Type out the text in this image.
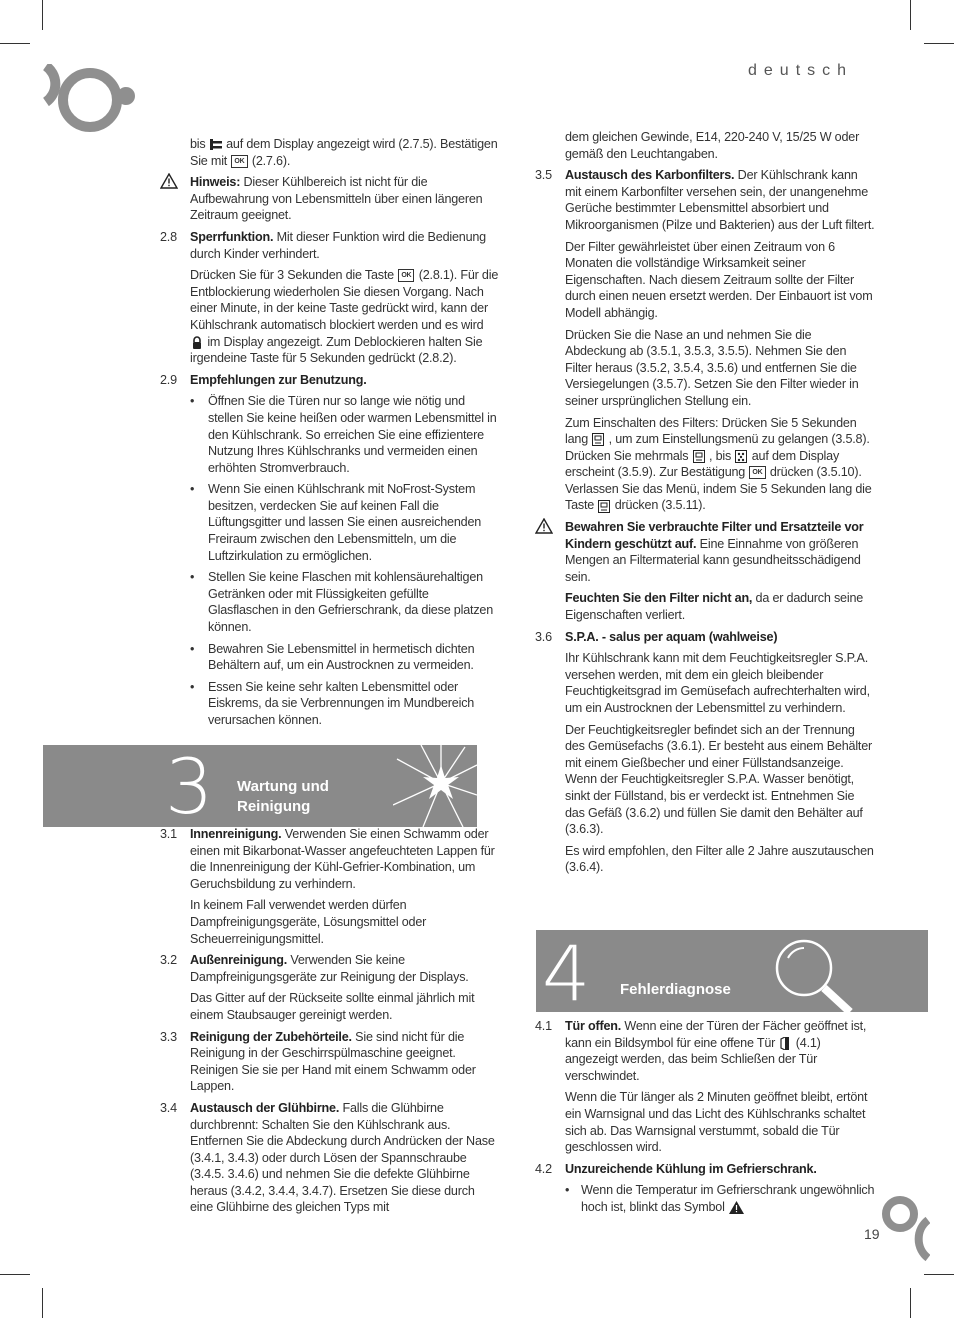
deutsch
bis auf dem Display angezeigt wird (2.7.5). Bestätigen Sie mit OK (2.7.6).
Hinweis: Dieser Kühlbereich ist nicht für die Aufbewahrung von Lebensmitteln über einen längeren Zeitraum geeignet.
2.8 Sperrfunktion. Mit dieser Funktion wird die Bedienung durch Kinder verhindert.
Drücken Sie für 3 Sekunden die Taste OK (2.8.1). Für die Entblockierung wiederholen Sie diesen Vorgang. Nach einer Minute, in der keine Taste gedrückt wird, kann der Kühlschrank automatisch blockiert werden und es wird  im Display angezeigt. Zum Deblockieren halten Sie irgendeine Taste für 5 Sekunden gedrückt (2.8.2).
2.9 Empfehlungen zur Benutzung.
• Öffnen Sie die Türen nur so lange wie nötig und stellen Sie keine heißen oder warmen Lebensmittel in den Kühlschrank. So erreichen Sie eine effizientere Nutzung Ihres Kühlschranks und vermeiden einen erhöhten Stromverbrauch.
• Wenn Sie einen Kühlschrank mit NoFrost-System besitzen, verdecken Sie auf keinen Fall die Lüftungsgitter und lassen Sie einen ausreichenden Freiraum zwischen den Lebensmitteln, um die Luftzirkulation zu ermöglichen.
• Stellen Sie keine Flaschen mit kohlensäurehaltigen Getränken oder mit Flüssigkeiten gefüllte Glasflaschen in den Gefrierschrank, da diese platzen können.
• Bewahren Sie Lebensmittel in hermetisch dichten Behältern auf, um ein Austrocknen zu vermeiden.
• Essen Sie keine sehr kalten Lebensmittel oder Eiskrems, da sie Verbrennungen im Mundbereich verursachen können.
3 Wartung und
Reinigung
3.1 Innenreinigung. Verwenden Sie einen Schwamm oder einen mit Bikarbonat-Wasser angefeuchteten Lappen für die Innenreinigung der Kühl-Gefrier-Kombination, um Geruchsbildung zu verhindern.
In keinem Fall verwendet werden dürfen Dampfreinigungsgeräte, Lösungsmittel oder Scheuerreinigungsmittel.
3.2 Außenreinigung. Verwenden Sie keine Dampfreinigungsgeräte zur Reinigung der Displays.
Das Gitter auf der Rückseite sollte einmal jährlich mit einem Staubsauger gereinigt werden.
3.3 Reinigung der Zubehörteile. Sie sind nicht für die Reinigung in der Geschirrspülmaschine geeignet. Reinigen Sie sie per Hand mit einem Schwamm oder Lappen.
3.4 Austausch der Glühbirne. Falls die Glühbirne durchbrennt: Schalten Sie den Kühlschrank aus. Entfernen Sie die Abdeckung durch Andrücken der Nase (3.4.1, 3.4.3) oder durch Lösen der Spannschraube (3.4.5. 3.4.6) und nehmen Sie die defekte Glühbirne heraus (3.4.2, 3.4.4, 3.4.7). Ersetzen Sie diese durch eine Glühbirne des gleichen Typs mit
dem gleichen Gewinde, E14, 220-240 V, 15/25 W oder gemäß den Leuchtangaben.
3.5 Austausch des Karbonfilters. Der Kühlschrank kann mit einem Karbonfilter versehen sein, der unangenehme Gerüche bestimmter Lebensmittel absorbiert und Mikroorganismen (Pilze und Bakterien) aus der Luft filtert.
Der Filter gewährleistet über einen Zeitraum von 6 Monaten die vollständige Wirksamkeit seiner Eigenschaften. Nach diesem Zeitraum sollte der Filter durch einen neuen ersetzt werden. Der Einbauort ist vom Modell abhängig.
Drücken Sie die Nase an und nehmen Sie die Abdeckung ab (3.5.1, 3.5.3, 3.5.5). Nehmen Sie den Filter heraus (3.5.2, 3.5.4, 3.5.6) und entfernen Sie die Versiegelungen (3.5.7). Setzen Sie den Filter wieder in seiner ursprünglichen Stellung ein.
Zum Einschalten des Filters: Drücken Sie 5 Sekunden lang , um zum Einstellungsmenü zu gelangen (3.5.8). Drücken Sie mehrmals , bis auf dem Display erscheint (3.5.9). Zur Bestätigung OK drücken (3.5.10). Verlassen Sie das Menü, indem Sie 5 Sekunden lang die Taste drücken (3.5.11).
Bewahren Sie verbrauchte Filter und Ersatzteile vor Kindern geschützt auf. Eine Einnahme von größeren Mengen an Filtermaterial kann gesundheitsschädigend sein.
Feuchten Sie den Filter nicht an, da er dadurch seine Eigenschaften verliert.
3.6 S.P.A. - salus per aquam (wahlweise)
Ihr Kühlschrank kann mit dem Feuchtigkeitsregler S.P.A. versehen werden, mit dem ein gleich bleibender Feuchtigkeitsgrad im Gemüsefach aufrechterhalten wird, um ein Austrocknen der Lebensmittel zu verhindern.
Der Feuchtigkeitsregler befindet sich an der Trennung des Gemüsefachs (3.6.1). Er besteht aus einem Behälter mit einem Gießbecher und einer Füllstandsanzeige. Wenn der Feuchtigkeitsregler S.P.A. Wasser benötigt, sinkt der Füllstand, bis er verdeckt ist. Entnehmen Sie das Gefäß (3.6.2) und füllen Sie damit den Behälter auf (3.6.3).
Es wird empfohlen, den Filter alle 2 Jahre auszutauschen (3.6.4).
4 Fehlerdiagnose
4.1 Tür offen. Wenn eine der Türen der Fächer geöffnet ist, kann ein Bildsymbol für eine offene Tür (4.1) angezeigt werden, das beim Schließen der Tür verschwindet.
Wenn die Tür länger als 2 Minuten geöffnet bleibt, ertönt ein Warnsignal und das Licht des Kühlschranks schaltet sich ab. Das Warnsignal verstummt, sobald die Tür geschlossen wird.
4.2 Unzureichende Kühlung im Gefrierschrank.
• Wenn die Temperatur im Gefrierschrank ungewöhnlich hoch ist, blinkt das Symbol
19
